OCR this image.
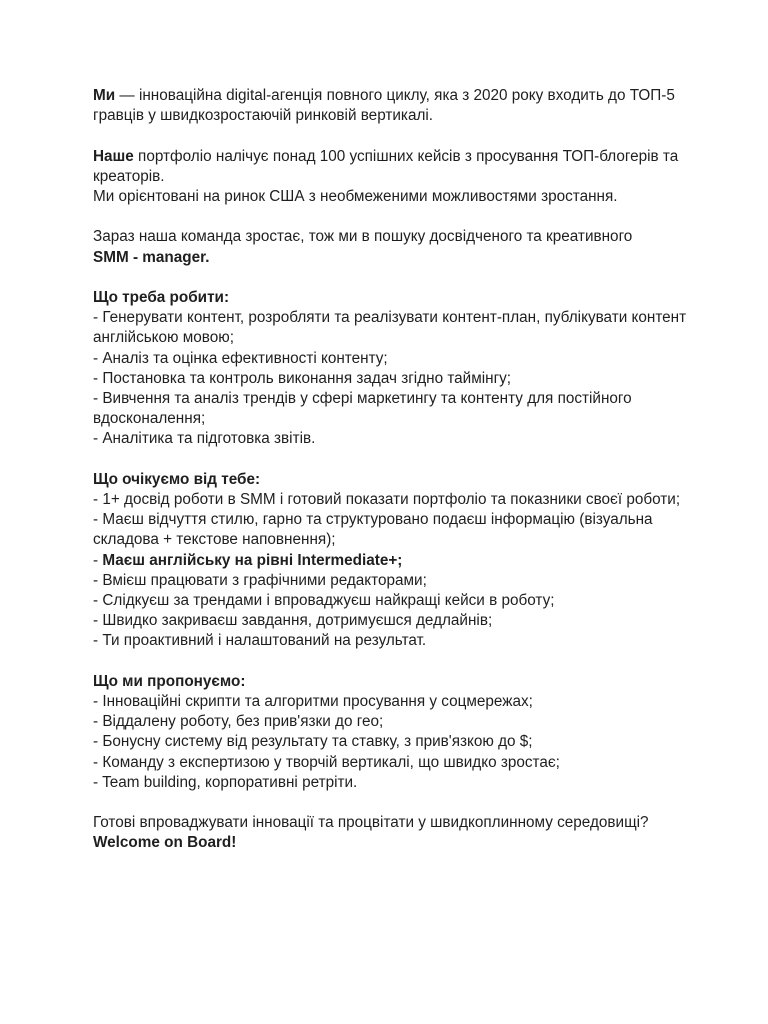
Ми — інноваційна digital-агенція повного циклу, яка з 2020 року входить до ТОП-5 гравців у швидкозростаючій ринковій вертикалі.

Наше портфоліо налічує понад 100 успішних кейсів з просування ТОП-блогерів та креаторів.

Ми орієнтовані на ринок США з необмеженими можливостями зростання.

Зараз наша команда зростає, тож ми в пошуку досвідченого та креативного

SMM - manager.

Що треба робити:

- Генерувати контент, розробляти та реалізувати контент-план, публікувати контент англійською мовою;

- Аналіз та оцінка ефективності контенту;

- Постановка та контроль виконання задач згідно таймінгу;

- Вивчення та аналіз трендів у сфері маркетингу та контенту для постійного вдосконалення;

- Аналітика та підготовка звітів.

Що очікуємо від тебе:

- 1+ досвід роботи в SMM і готовий показати портфоліо та показники своєї роботи;

- Маєш відчуття стилю, гарно та структуровано подаєш інформацію (візуальна складова + текстове наповнення);

- Маєш англійську на рівні Intermediate+;

- Вмієш працювати з графічними редакторами;

- Слідкуєш за трендами і впроваджуєш найкращі кейси в роботу;

- Швидко закриваєш завдання, дотримуєшся дедлайнів;

- Ти проактивний і налаштований на результат.

Що ми пропонуємо:

- Інноваційні скрипти та алгоритми просування у соцмережах;

- Віддалену роботу, без прив'язки до гео;

- Бонусну систему від результату та ставку, з прив'язкою до $;

- Команду з експертизою у творчій вертикалі, що швидко зростає;

- Team building, корпоративні ретріти.

Готові впроваджувати інновації та процвітати у швидкоплинному середовищі?

Welcome on Board!
